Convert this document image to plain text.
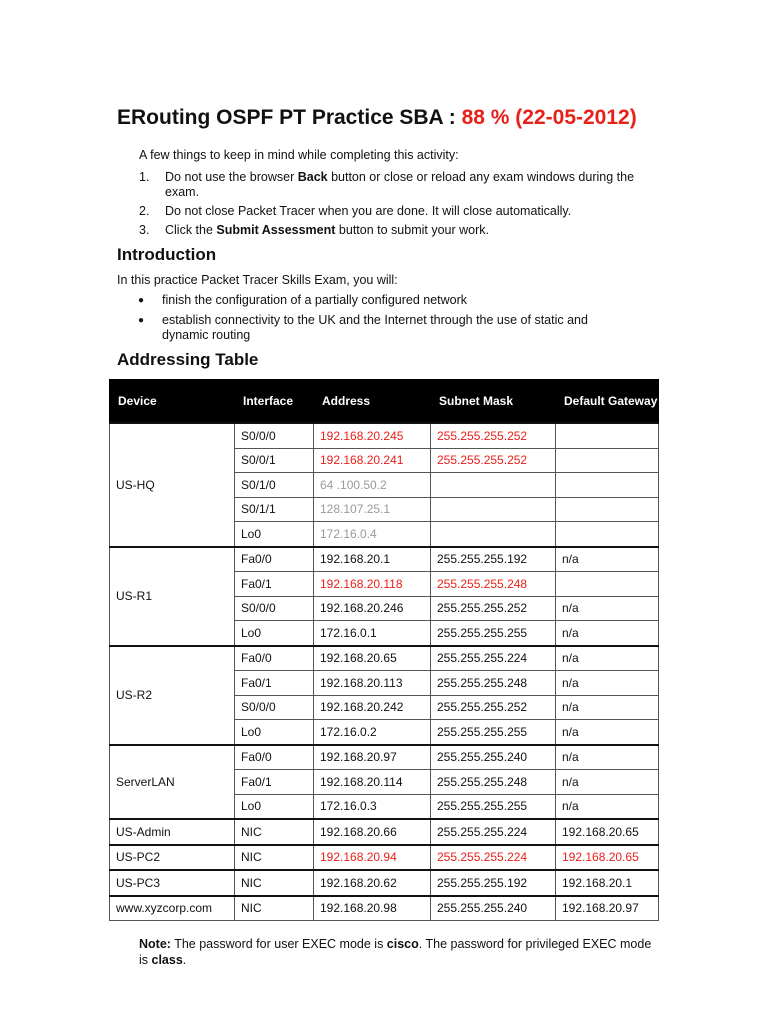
ERouting OSPF PT Practice SBA : 88 % (22-05-2012)

A few things to keep in mind while completing this activity:

1. Do not use the browser Back button or close or reload any exam windows during the exam.
2. Do not close Packet Tracer when you are done. It will close automatically.
3. Click the Submit Assessment button to submit your work.
Introduction

In this practice Packet Tracer Skills Exam, you will:

● finish the configuration of a partially configured network
● establish connectivity to the UK and the Internet through the use of static and dynamic routing
Addressing Table
Device	Interface	Address	Subnet Mask	Default Gateway
US-HQ	S0/0/0	192.168.20.245	255.255.255.252	
	S0/0/1	192.168.20.241	255.255.255.252	
	S0/1/0	64 .100.50.2		
	S0/1/1	128.107.25.1		
	Lo0	172.16.0.4		
US-R1	Fa0/0	192.168.20.1	255.255.255.192	n/a
	Fa0/1	192.168.20.118	255.255.255.248	
	S0/0/0	192.168.20.246	255.255.255.252	n/a
	Lo0	172.16.0.1	255.255.255.255	n/a
US-R2	Fa0/0	192.168.20.65	255.255.255.224	n/a
	Fa0/1	192.168.20.113	255.255.255.248	n/a
	S0/0/0	192.168.20.242	255.255.255.252	n/a
	Lo0	172.16.0.2	255.255.255.255	n/a
ServerLAN	Fa0/0	192.168.20.97	255.255.255.240	n/a
	Fa0/1	192.168.20.114	255.255.255.248	n/a
	Lo0	172.16.0.3	255.255.255.255	n/a
US-Admin	NIC	192.168.20.66	255.255.255.224	192.168.20.65
US-PC2	NIC	192.168.20.94	255.255.255.224	192.168.20.65
US-PC3	NIC	192.168.20.62	255.255.255.192	192.168.20.1
www.xyzcorp.com	NIC	192.168.20.98	255.255.255.240	192.168.20.97

Note: The password for user EXEC mode is cisco. The password for privileged EXEC mode is class.
